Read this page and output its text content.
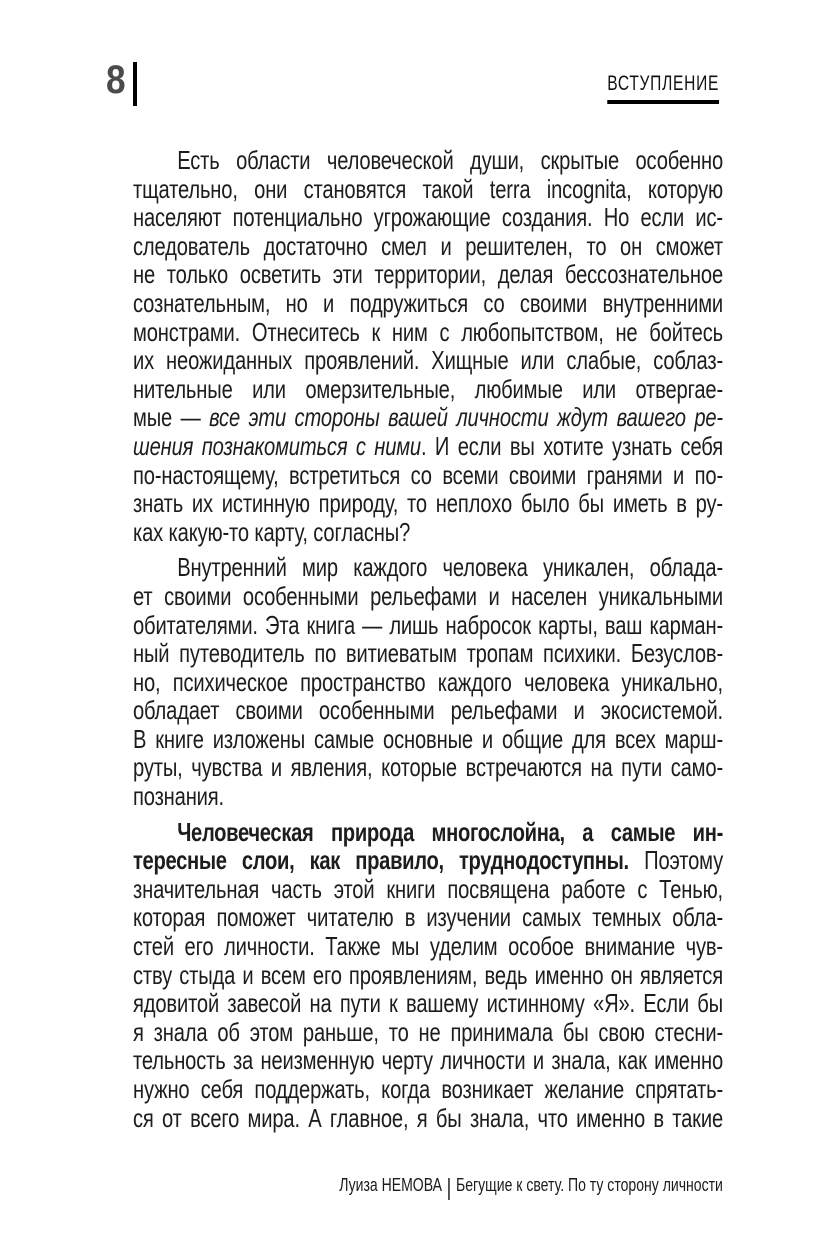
8	ВСТУПЛЕНИЕ
Есть области человеческой души, скрытые особенно
тщательно, они становятся такой terra incognita, которую
населяют потенциально угрожающие создания. Но если ис-
следователь достаточно смел и решителен, то он сможет
не только осветить эти территории, делая бессознательное
сознательным, но и подружиться со своими внутренними
монстрами. Отнеситесь к ним с любопытством, не бойтесь
их неожиданных проявлений. Хищные или слабые, соблаз-
нительные или омерзительные, любимые или отвергае-
мые — все эти стороны вашей личности ждут вашего ре-
шения познакомиться с ними. И если вы хотите узнать себя
по-настоящему, встретиться со всеми своими гранями и по-
знать их истинную природу, то неплохо было бы иметь в ру-
ках какую-то карту, согласны?
Внутренний мир каждого человека уникален, облада-
ет своими особенными рельефами и населен уникальными
обитателями. Эта книга — лишь набросок карты, ваш карман-
ный путеводитель по витиеватым тропам психики. Безуслов-
но, психическое пространство каждого человека уникально,
обладает своими особенными рельефами и экосистемой.
В книге изложены самые основные и общие для всех марш-
руты, чувства и явления, которые встречаются на пути само-
познания.
Человеческая природа многослойна, а самые ин-
тересные слои, как правило, труднодоступны. Поэтому
значительная часть этой книги посвящена работе с Тенью,
которая поможет читателю в изучении самых темных обла-
стей его личности. Также мы уделим особое внимание чув-
ству стыда и всем его проявлениям, ведь именно он является
ядовитой завесой на пути к вашему истинному «Я». Если бы
я знала об этом раньше, то не принимала бы свою стесни-
тельность за неизменную черту личности и знала, как именно
нужно себя поддержать, когда возникает желание спрятать-
ся от всего мира. А главное, я бы знала, что именно в такие
Луиза НЕМОВА | Бегущие к свету. По ту сторону личности
